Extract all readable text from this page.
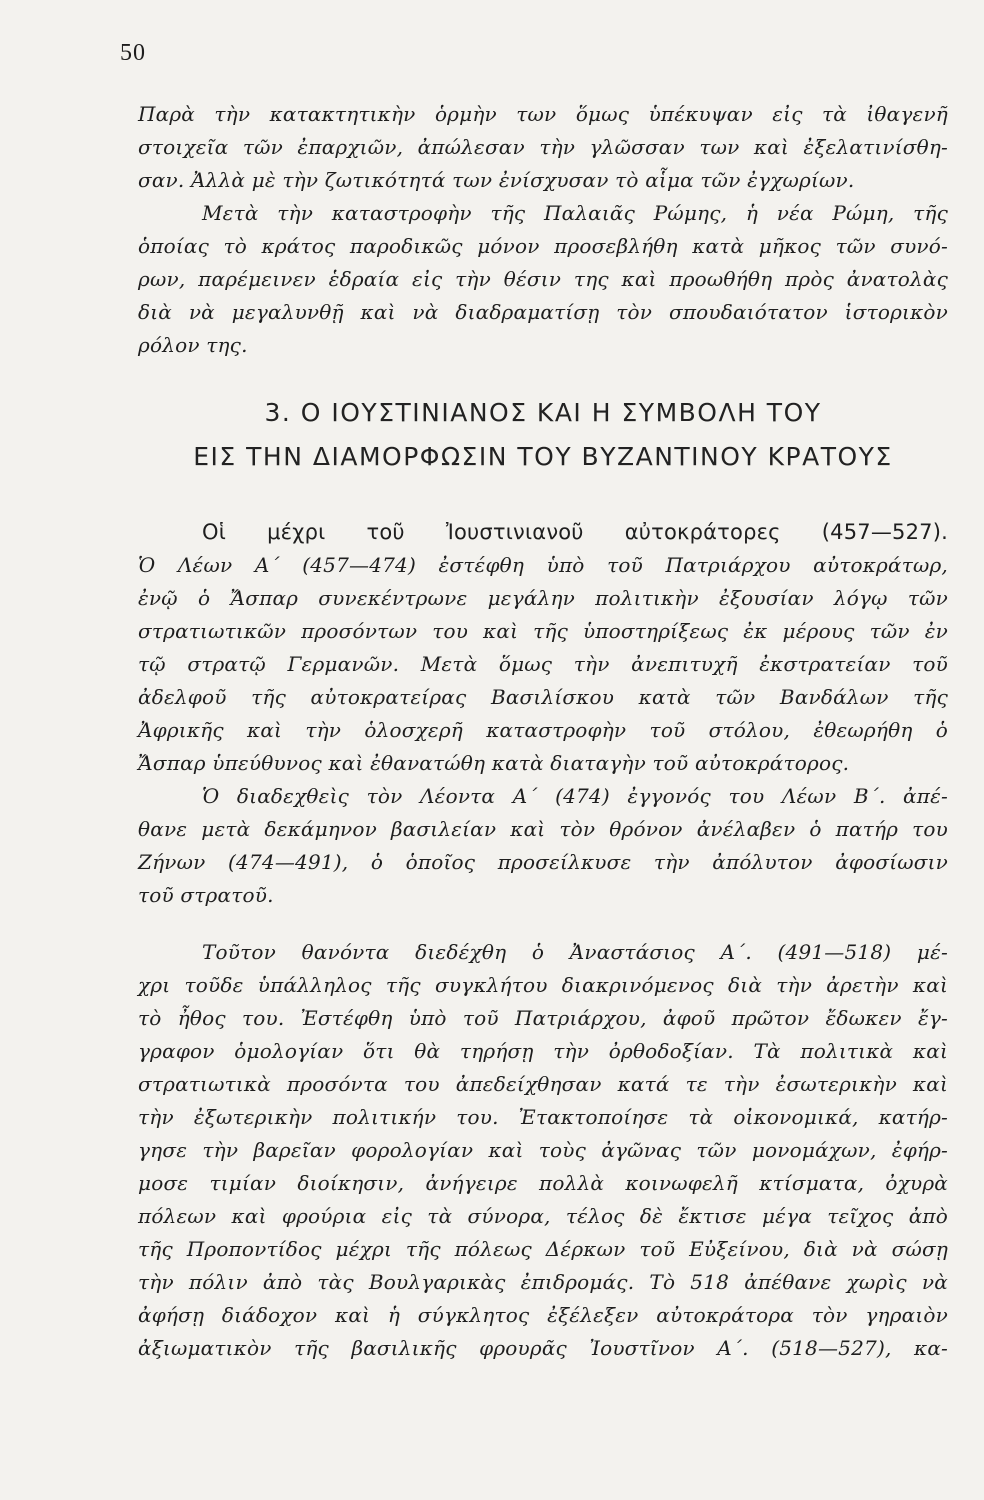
50
Παρὰ τὴν κατακτητικὴν ὁρμὴν των ὅμως ὑπέκυψαν εἰς τὰ ἰθαγενῆ
στοιχεῖα τῶν ἐπαρχιῶν, ἀπώλεσαν τὴν γλῶσσαν των καὶ ἐξελατινίσθη-
σαν. Ἀλλὰ μὲ τὴν ζωτικότητά των ἐνίσχυσαν τὸ αἷμα τῶν ἐγχωρίων.
Μετὰ τὴν καταστροφὴν τῆς Παλαιᾶς Ρώμης, ἡ νέα Ρώμη, τῆς
ὁποίας τὸ κράτος παροδικῶς μόνον προσεβλήθη κατὰ μῆκος τῶν συνό-
ρων, παρέμεινεν ἑδραία εἰς τὴν θέσιν της καὶ προωθήθη πρὸς ἀνατολὰς
διὰ νὰ μεγαλυνθῇ καὶ νὰ διαδραματίσῃ τὸν σπουδαιότατον ἱστορικὸν
ρόλον της.
3. Ο ΙΟΥΣΤΙΝΙΑΝΟΣ ΚΑΙ Η ΣΥΜΒΟΛΗ ΤΟΥ
ΕΙΣ ΤΗΝ ΔΙΑΜΟΡΦΩΣΙΝ ΤΟΥ ΒΥΖΑΝΤΙΝΟΥ ΚΡΑΤΟΥΣ
Οἱ μέχρι τοῦ Ἰουστινιανοῦ αὐτοκράτορες (457—527).
Ὁ Λέων Α΄ (457—474) ἐστέφθη ὑπὸ τοῦ Πατριάρχου αὐτοκράτωρ,
ἐνῷ ὁ Ἄσπαρ συνεκέντρωνε μεγάλην πολιτικὴν ἐξουσίαν λόγῳ τῶν
στρατιωτικῶν προσόντων του καὶ τῆς ὑποστηρίξεως ἐκ μέρους τῶν ἐν
τῷ στρατῷ Γερμανῶν. Μετὰ ὅμως τὴν ἀνεπιτυχῆ ἐκστρατείαν τοῦ
ἀδελφοῦ τῆς αὐτοκρατείρας Βασιλίσκου κατὰ τῶν Βανδάλων τῆς
Ἀφρικῆς καὶ τὴν ὁλοσχερῆ καταστροφὴν τοῦ στόλου, ἐθεωρήθη ὁ
Ἄσπαρ ὑπεύθυνος καὶ ἐθανατώθη κατὰ διαταγὴν τοῦ αὐτοκράτορος.
Ὁ διαδεχθεὶς τὸν Λέοντα Α΄ (474) ἐγγονός του Λέων Β΄. ἀπέ-
θανε μετὰ δεκάμηνον βασιλείαν καὶ τὸν θρόνον ἀνέλαβεν ὁ πατήρ του
Ζήνων (474—491), ὁ ὁποῖος προσείλκυσε τὴν ἀπόλυτον ἀφοσίωσιν
τοῦ στρατοῦ.
Τοῦτον θανόντα διεδέχθη ὁ Ἀναστάσιος Α΄. (491—518) μέ-
χρι τοῦδε ὑπάλληλος τῆς συγκλήτου διακρινόμενος διὰ τὴν ἀρετὴν καὶ
τὸ ἦθος του. Ἐστέφθη ὑπὸ τοῦ Πατριάρχου, ἀφοῦ πρῶτον ἔδωκεν ἔγ-
γραφον ὁμολογίαν ὅτι θὰ τηρήσῃ τὴν ὀρθοδοξίαν. Τὰ πολιτικὰ καὶ
στρατιωτικὰ προσόντα του ἀπεδείχθησαν κατά τε τὴν ἐσωτερικὴν καὶ
τὴν ἐξωτερικὴν πολιτικήν του. Ἐτακτοποίησε τὰ οἰκονομικά, κατήρ-
γησε τὴν βαρεῖαν φορολογίαν καὶ τοὺς ἀγῶνας τῶν μονομάχων, ἐφήρ-
μοσε τιμίαν διοίκησιν, ἀνήγειρε πολλὰ κοινωφελῆ κτίσματα, ὀχυρὰ
πόλεων καὶ φρούρια εἰς τὰ σύνορα, τέλος δὲ ἔκτισε μέγα τεῖχος ἀπὸ
τῆς Προποντίδος μέχρι τῆς πόλεως Δέρκων τοῦ Εὐξείνου, διὰ νὰ σώσῃ
τὴν πόλιν ἀπὸ τὰς Βουλγαρικὰς ἐπιδρομάς. Τὸ 518 ἀπέθανε χωρὶς νὰ
ἀφήσῃ διάδοχον καὶ ἡ σύγκλητος ἐξέλεξεν αὐτοκράτορα τὸν γηραιὸν
ἀξιωματικὸν τῆς βασιλικῆς φρουρᾶς Ἰουστῖνον Α΄. (518—527), κα-
